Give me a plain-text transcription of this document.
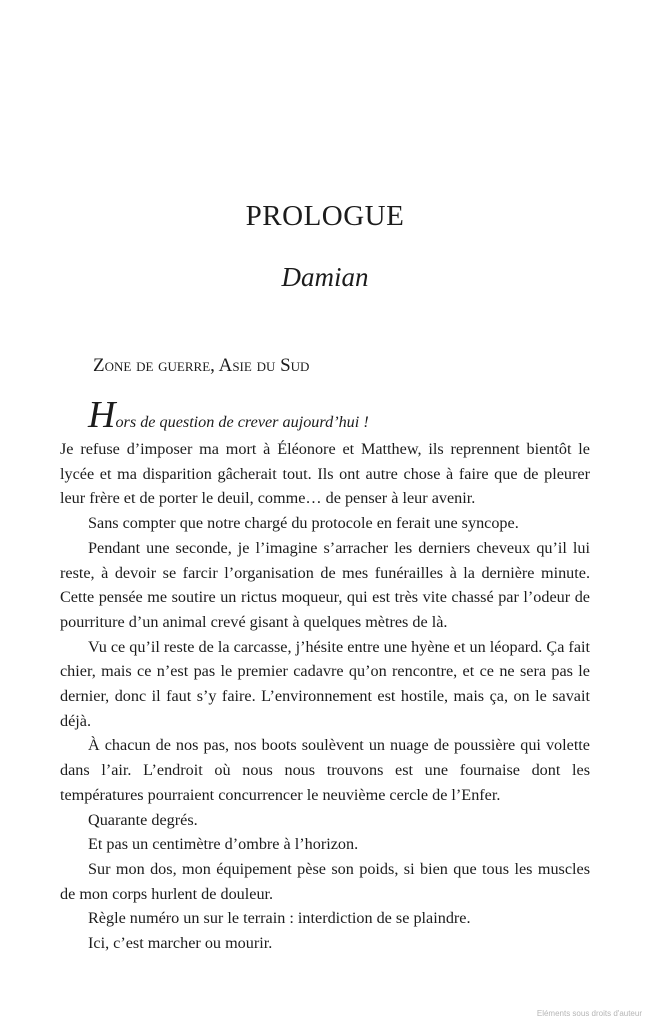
PROLOGUE
Damian
Zone de guerre, Asie du Sud

Hors de question de crever aujourd’hui !
Je refuse d’imposer ma mort à Éléonore et Matthew, ils reprennent bientôt le lycée et ma disparition gâcherait tout. Ils ont autre chose à faire que de pleurer leur frère et de porter le deuil, comme… de penser à leur avenir.

Sans compter que notre chargé du protocole en ferait une syncope.

Pendant une seconde, je l’imagine s’arracher les derniers cheveux qu’il lui reste, à devoir se farcir l’organisation de mes funérailles à la dernière minute. Cette pensée me soutire un rictus moqueur, qui est très vite chassé par l’odeur de pourriture d’un animal crevé gisant à quelques mètres de là.

Vu ce qu’il reste de la carcasse, j’hésite entre une hyène et un léopard. Ça fait chier, mais ce n’est pas le premier cadavre qu’on rencontre, et ce ne sera pas le dernier, donc il faut s’y faire. L’environnement est hostile, mais ça, on le savait déjà.

À chacun de nos pas, nos boots soulèvent un nuage de poussière qui volette dans l’air. L’endroit où nous nous trouvons est une fournaise dont les températures pourraient concurrencer le neuvième cercle de l’Enfer.

Quarante degrés.

Et pas un centimètre d’ombre à l’horizon.

Sur mon dos, mon équipement pèse son poids, si bien que tous les muscles de mon corps hurlent de douleur.

Règle numéro un sur le terrain : interdiction de se plaindre.

Ici, c’est marcher ou mourir.

Eléments sous droits d'auteur
